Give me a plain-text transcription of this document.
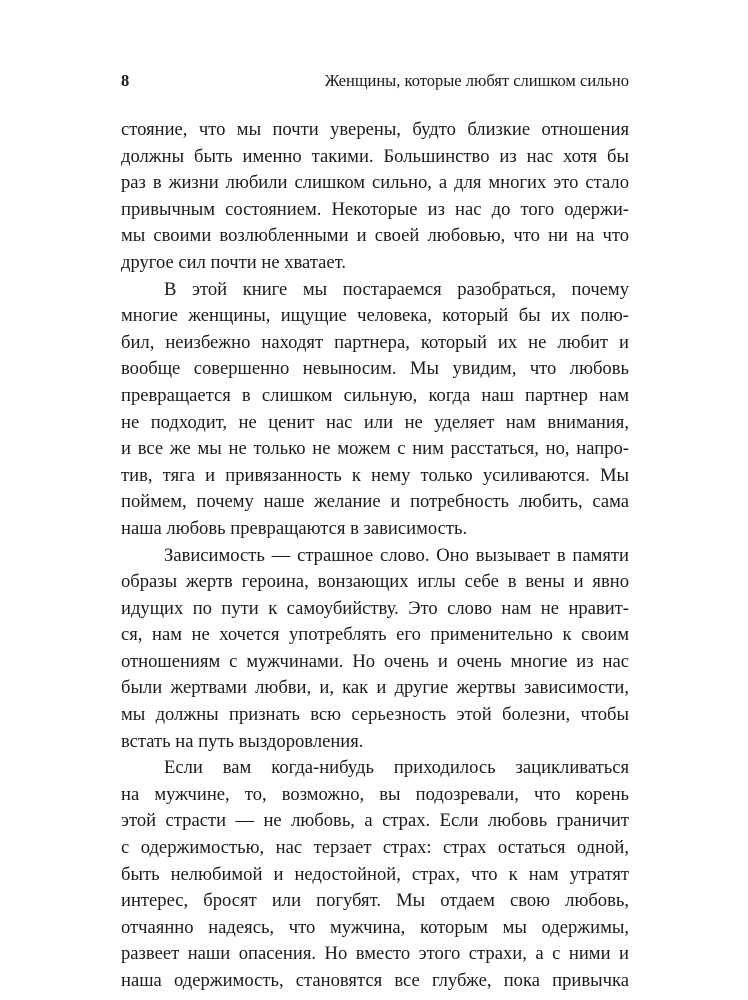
8	Женщины, которые любят слишком сильно
стояние, что мы почти уверены, будто близкие отношения
должны быть именно такими. Большинство из нас хотя бы
раз в жизни любили слишком сильно, а для многих это стало
привычным состоянием. Некоторые из нас до того одержи-
мы своими возлюбленными и своей любовью, что ни на что
другое сил почти не хватает.
В этой книге мы постараемся разобраться, почему
многие женщины, ищущие человека, который бы их полю-
бил, неизбежно находят партнера, который их не любит и
вообще совершенно невыносим. Мы увидим, что любовь
превращается в слишком сильную, когда наш партнер нам
не подходит, не ценит нас или не уделяет нам внимания,
и все же мы не только не можем с ним расстаться, но, напро-
тив, тяга и привязанность к нему только усиливаются. Мы
поймем, почему наше желание и потребность любить, сама
наша любовь превращаются в зависимость.
Зависимость — страшное слово. Оно вызывает в памяти
образы жертв героина, вонзающих иглы себе в вены и явно
идущих по пути к самоубийству. Это слово нам не нравит-
ся, нам не хочется употреблять его применительно к своим
отношениям с мужчинами. Но очень и очень многие из нас
были жертвами любви, и, как и другие жертвы зависимости,
мы должны признать всю серьезность этой болезни, чтобы
встать на путь выздоровления.
Если вам когда-нибудь приходилось зацикливаться
на мужчине, то, возможно, вы подозревали, что корень
этой страсти — не любовь, а страх. Если любовь граничит
с одержимостью, нас терзает страх: страх остаться одной,
быть нелюбимой и недостойной, страх, что к нам утратят
интерес, бросят или погубят. Мы отдаем свою любовь,
отчаянно надеясь, что мужчина, которым мы одержимы,
развеет наши опасения. Но вместо этого страхи, а с ними и
наша одержимость, становятся все глубже, пока привычка
